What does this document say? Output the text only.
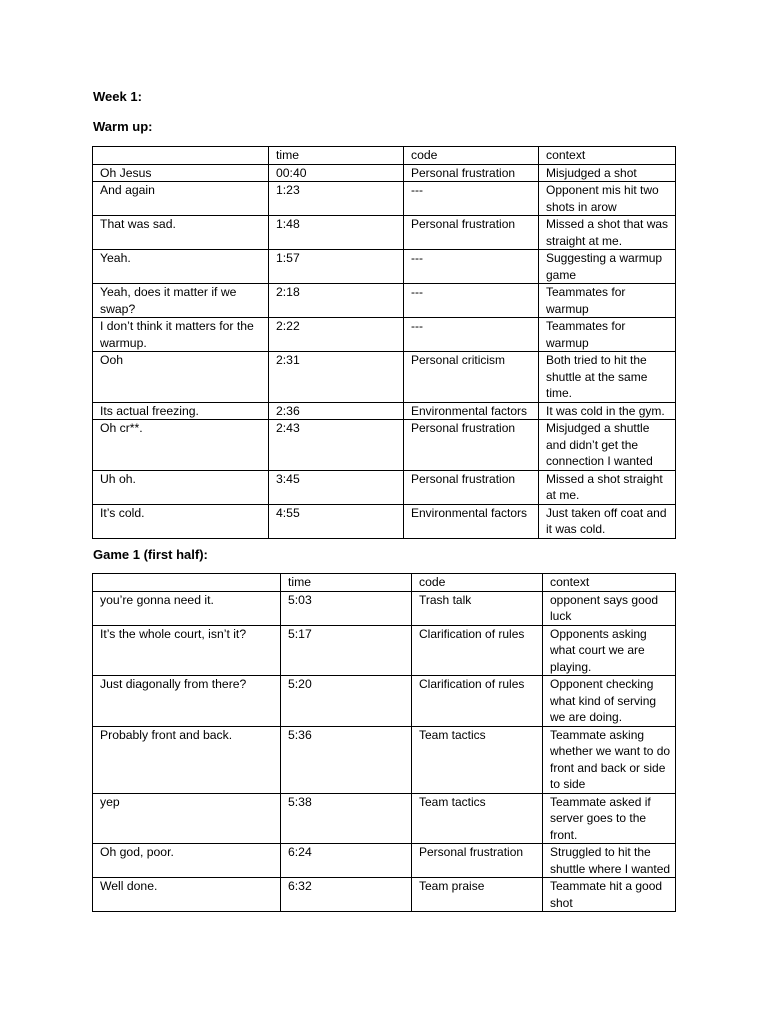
Week 1:
Warm up:
	time	code	context
Oh Jesus	00:40	Personal frustration	Misjudged a shot
And again	1:23	---	Opponent mis hit two shots in arow
That was sad.	1:48	Personal frustration	Missed a shot that was straight at me.
Yeah.	1:57	---	Suggesting a warmup game
Yeah, does it matter if we swap?	2:18	---	Teammates for warmup
I don’t think it matters for the warmup.	2:22	---	Teammates for warmup
Ooh	2:31	Personal criticism	Both tried to hit the shuttle at the same time.
Its actual freezing.	2:36	Environmental factors	It was cold in the gym.
Oh cr**.	2:43	Personal frustration	Misjudged a shuttle and didn’t get the connection I wanted
Uh oh.	3:45	Personal frustration	Missed a shot straight at me.
It’s cold.	4:55	Environmental factors	Just taken off coat and it was cold.
Game 1 (first half):
	time	code	context
you’re gonna need it.	5:03	Trash talk	opponent says good luck
It’s the whole court, isn’t it?	5:17	Clarification of rules	Opponents asking what court we are playing.
Just diagonally from there?	5:20	Clarification of rules	Opponent checking what kind of serving we are doing.
Probably front and back.	5:36	Team tactics	Teammate asking whether we want to do front and back or side to side
yep	5:38	Team tactics	Teammate asked if server goes to the front.
Oh god, poor.	6:24	Personal frustration	Struggled to hit the shuttle where I wanted
Well done.	6:32	Team praise	Teammate hit a good shot
